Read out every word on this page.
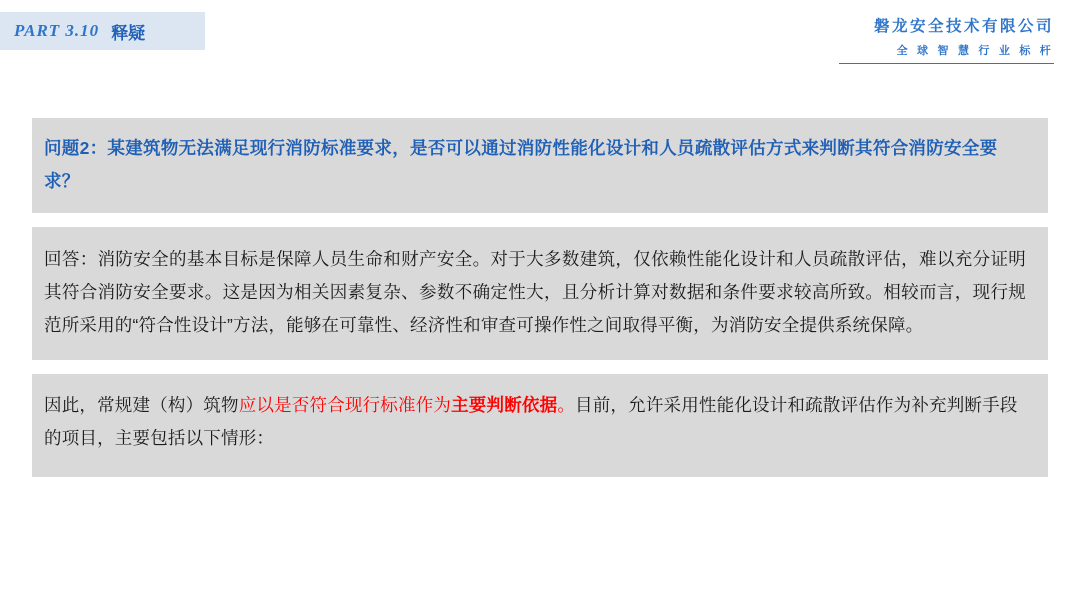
PART 3.10 释疑	磐龙安全技术有限公司
全 球 智 慧 行 业 标 杆
问题2：某建筑物无法满足现行消防标准要求，是否可以通过消防性能化设计和人员疏散评估方式来判断其符合消防安全要求？
回答：消防安全的基本目标是保障人员生命和财产安全。对于大多数建筑，仅依赖性能化设计和人员疏散评估，难以充分证明其符合消防安全要求。这是因为相关因素复杂、参数不确定性大，且分析计算对数据和条件要求较高所致。相较而言，现行规范所采用的“符合性设计”方法，能够在可靠性、经济性和审查可操作性之间取得平衡，为消防安全提供系统保障。
因此，常规建（构）筑物应以是否符合现行标准作为主要判断依据。目前，允许采用性能化设计和疏散评估作为补充判断手段的项目，主要包括以下情形：
